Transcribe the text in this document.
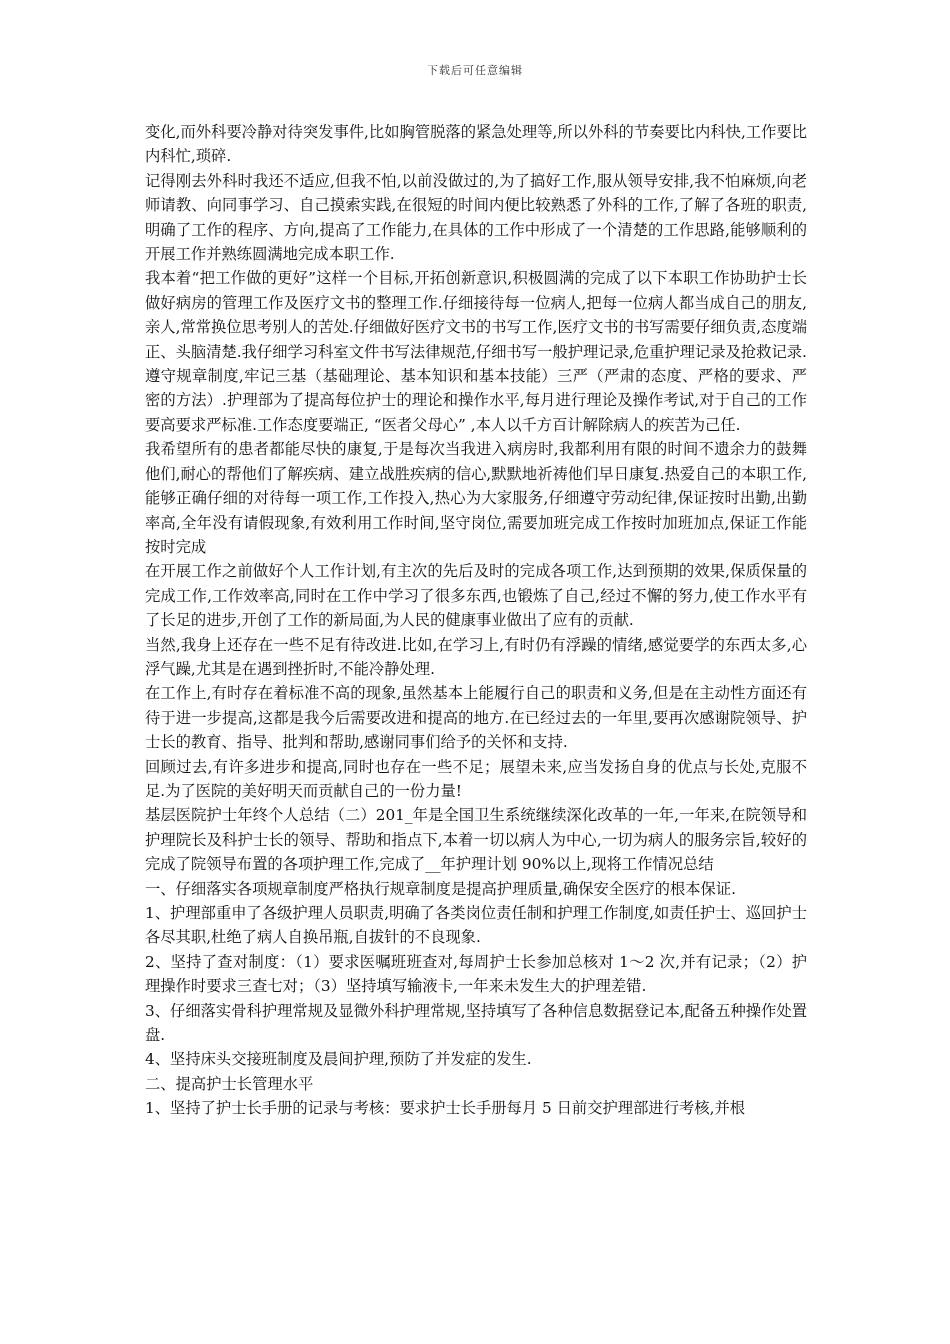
下载后可任意编辑

变化,而外科要冷静对待突发事件,比如胸管脱落的紧急处理等,所以外科的节奏要比内科快,工作要比内科忙,琐碎.

记得刚去外科时我还不适应,但我不怕,以前没做过的,为了搞好工作,服从领导安排,我不怕麻烦,向老师请教、向同事学习、自己摸索实践,在很短的时间内便比较熟悉了外科的工作,了解了各班的职责,明确了工作的程序、方向,提高了工作能力,在具体的工作中形成了一个清楚的工作思路,能够顺利的开展工作并熟练圆满地完成本职工作.

我本着“把工作做的更好”这样一个目标,开拓创新意识,积极圆满的完成了以下本职工作协助护士长做好病房的管理工作及医疗文书的整理工作.仔细接待每一位病人,把每一位病人都当成自己的朋友,亲人,常常换位思考别人的苦处.仔细做好医疗文书的书写工作,医疗文书的书写需要仔细负责,态度端正、头脑清楚.我仔细学习科室文件书写法律规范,仔细书写一般护理记录,危重护理记录及抢救记录.

遵守规章制度,牢记三基（基础理论、基本知识和基本技能）三严（严肃的态度、严格的要求、严密的方法）.护理部为了提高每位护士的理论和操作水平,每月进行理论及操作考试,对于自己的工作要高要求严标准.工作态度要端正, “医者父母心” ,本人以千方百计解除病人的疾苦为己任.

我希望所有的患者都能尽快的康复,于是每次当我进入病房时,我都利用有限的时间不遗余力的鼓舞他们,耐心的帮他们了解疾病、建立战胜疾病的信心,默默地祈祷他们早日康复.热爱自己的本职工作,能够正确仔细的对待每一项工作,工作投入,热心为大家服务,仔细遵守劳动纪律,保证按时出勤,出勤率高,全年没有请假现象,有效利用工作时间,坚守岗位,需要加班完成工作按时加班加点,保证工作能按时完成

在开展工作之前做好个人工作计划,有主次的先后及时的完成各项工作,达到预期的效果,保质保量的完成工作,工作效率高,同时在工作中学习了很多东西,也锻炼了自己,经过不懈的努力,使工作水平有了长足的进步,开创了工作的新局面,为人民的健康事业做出了应有的贡献.

当然,我身上还存在一些不足有待改进.比如,在学习上,有时仍有浮躁的情绪,感觉要学的东西太多,心浮气躁,尤其是在遇到挫折时,不能冷静处理.

在工作上,有时存在着标准不高的现象,虽然基本上能履行自己的职责和义务,但是在主动性方面还有待于进一步提高,这都是我今后需要改进和提高的地方.在已经过去的一年里,要再次感谢院领导、护士长的教育、指导、批判和帮助,感谢同事们给予的关怀和支持.

回顾过去,有许多进步和提高,同时也存在一些不足；展望未来,应当发扬自身的优点与长处,克服不足.为了医院的美好明天而贡献自己的一份力量!

基层医院护士年终个人总结（二）201_年是全国卫生系统继续深化改革的一年,一年来,在院领导和护理院长及科护士长的领导、帮助和指点下,本着一切以病人为中心,一切为病人的服务宗旨,较好的完成了院领导布置的各项护理工作,完成了__年护理计划 90%以上,现将工作情况总结

一、仔细落实各项规章制度严格执行规章制度是提高护理质量,确保安全医疗的根本保证.

1、护理部重申了各级护理人员职责,明确了各类岗位责任制和护理工作制度,如责任护士、巡回护士各尽其职,杜绝了病人自换吊瓶,自拔针的不良现象.

2、坚持了查对制度：（1）要求医嘱班班查对,每周护士长参加总核对 1～2 次,并有记录；（2）护理操作时要求三查七对；（3）坚持填写输液卡,一年来未发生大的护理差错.

3、仔细落实骨科护理常规及显微外科护理常规,坚持填写了各种信息数据登记本,配备五种操作处置盘.

4、坚持床头交接班制度及晨间护理,预防了并发症的发生.

二、提高护士长管理水平

1、坚持了护士长手册的记录与考核：要求护士长手册每月 5 日前交护理部进行考核,并根
